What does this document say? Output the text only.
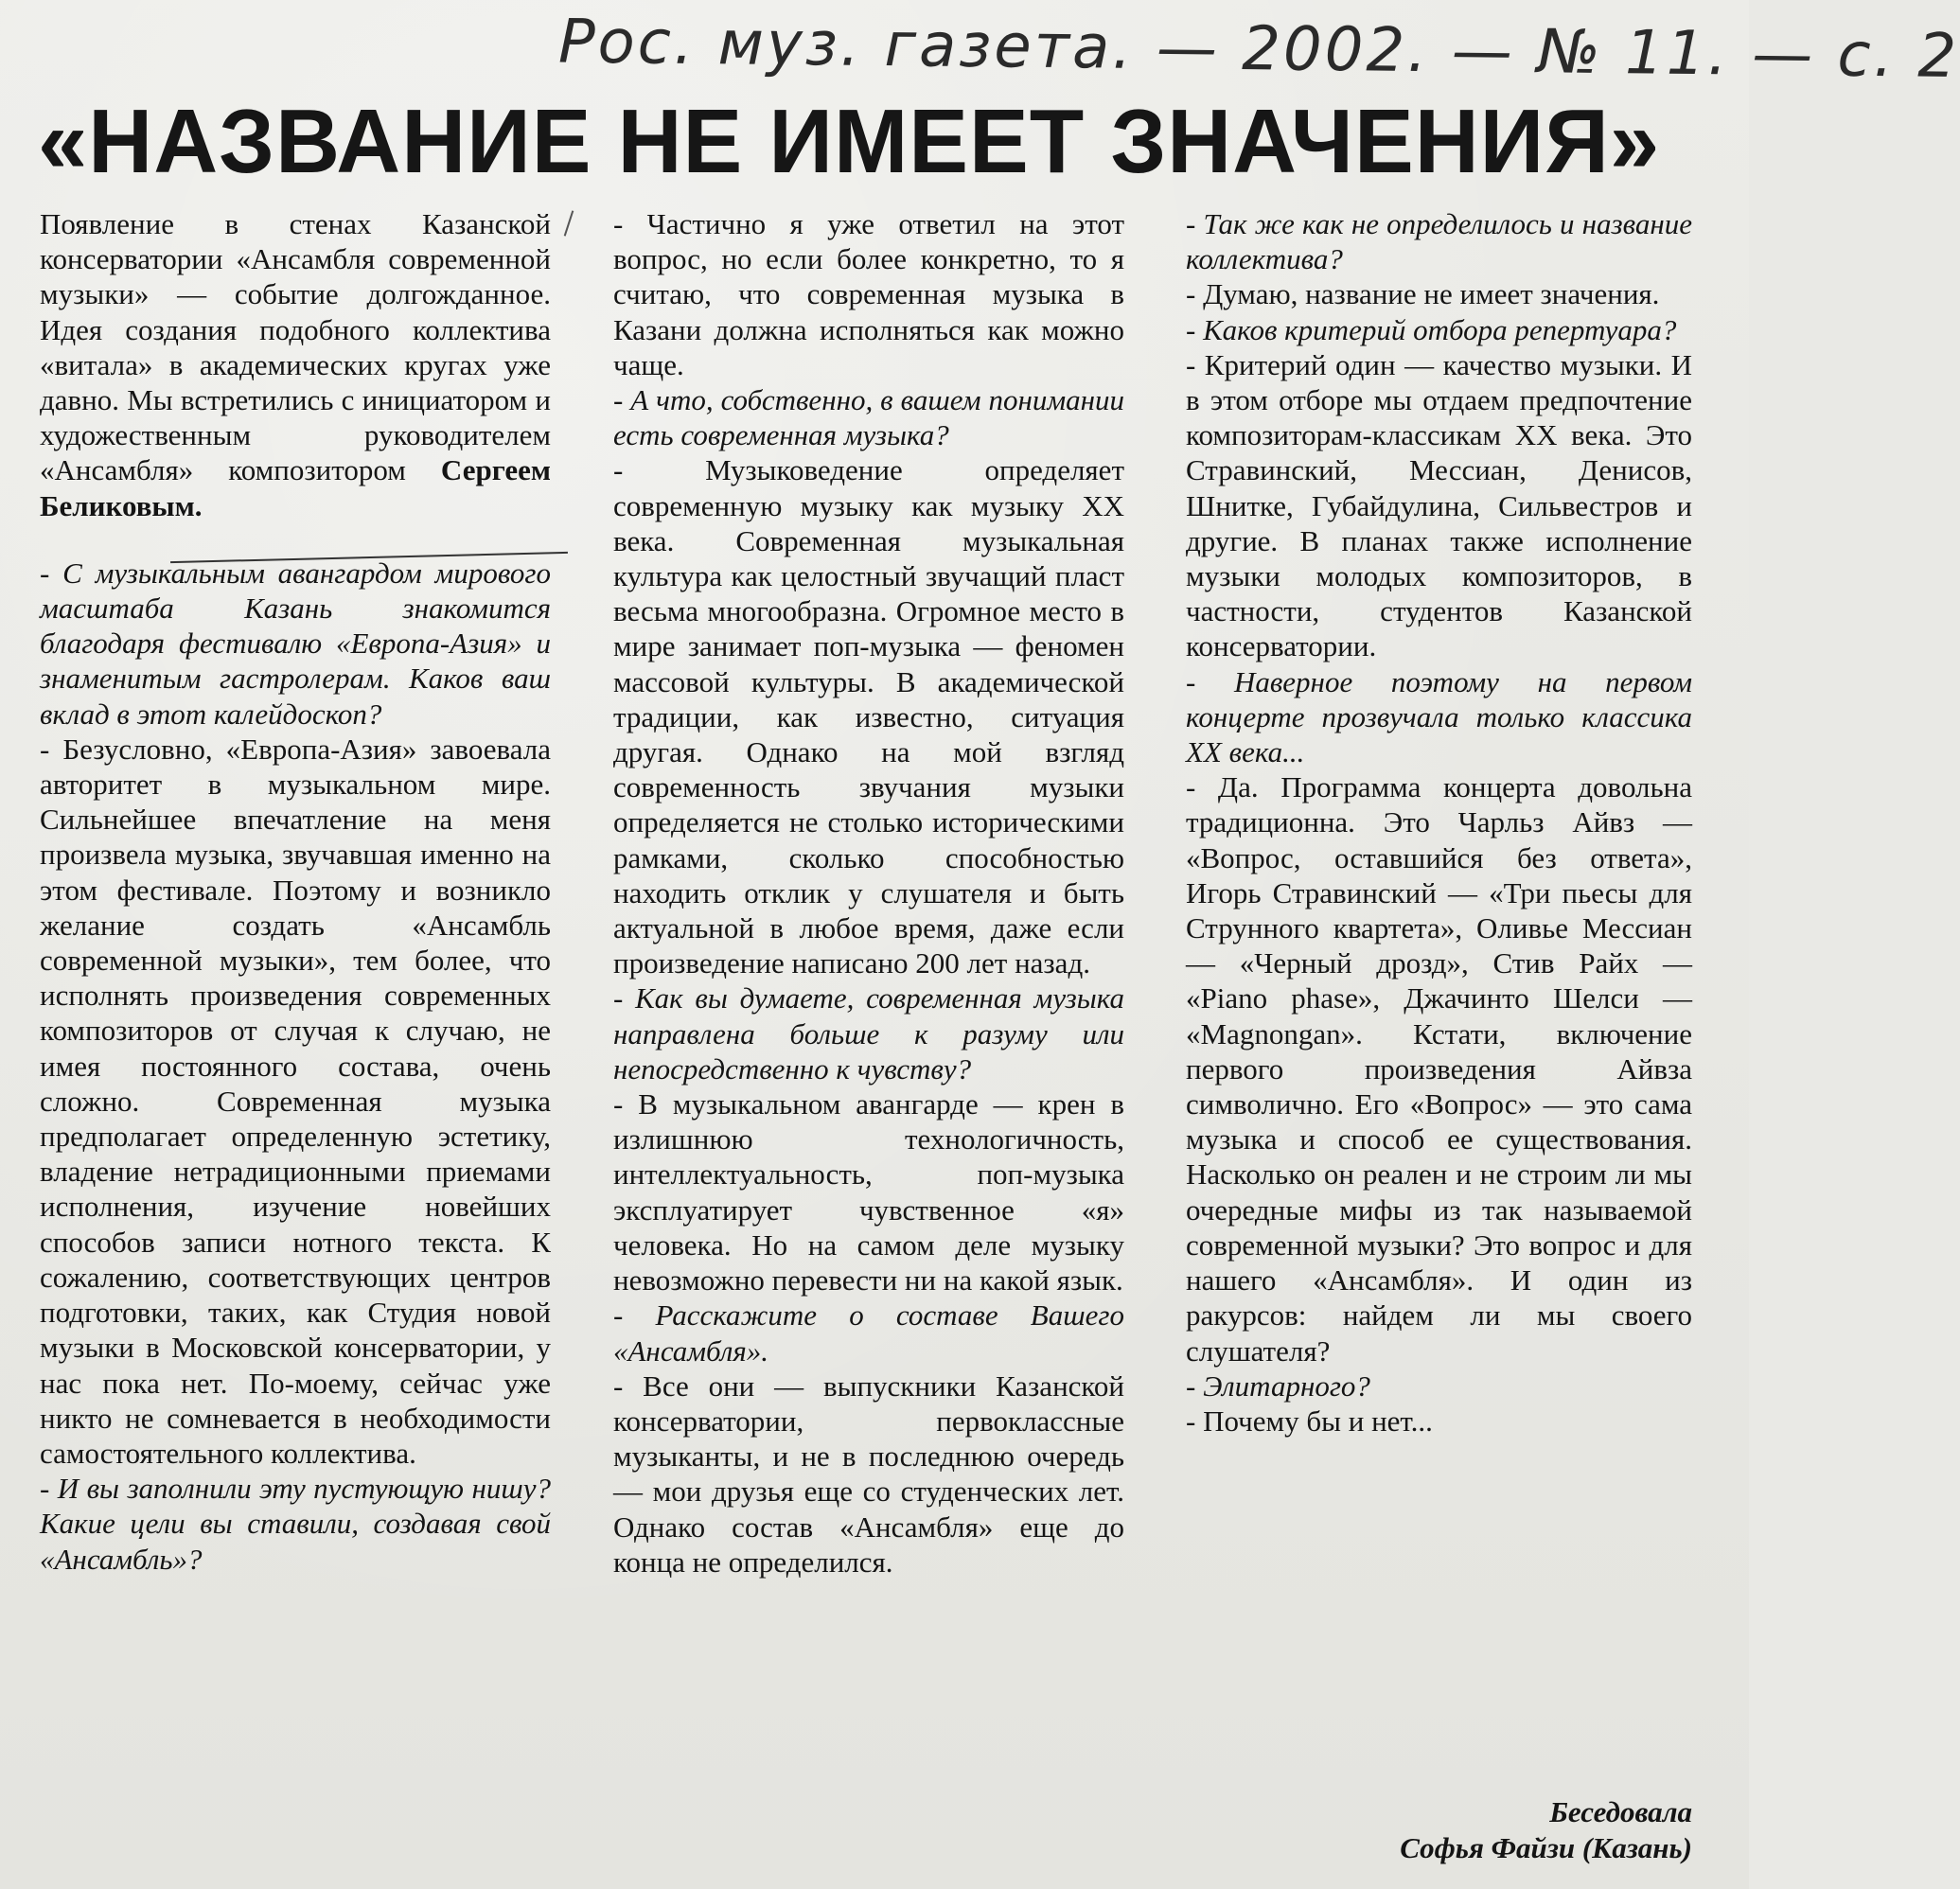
Рос. муз. газета. — 2002. — № 11. — с. 2
«НАЗВАНИЕ НЕ ИМЕЕТ ЗНАЧЕНИЯ»

Появление в стенах Казанской консерватории «Ансамбля современной музыки» — событие долгожданное. Идея создания подобного коллектива «витала» в академических кругах уже давно. Мы встретились с инициатором и художественным руководителем «Ансамбля» композитором Сергеем Беликовым.

- С музыкальным авангардом мирового масштаба Казань знакомится благодаря фестивалю «Европа-Азия» и знаменитым гастролерам. Каков ваш вклад в этот калейдоскоп?

- Безусловно, «Европа-Азия» завоевала авторитет в музыкальном мире. Сильнейшее впечатление на меня произвела музыка, звучавшая именно на этом фестивале. Поэтому и возникло желание создать «Ансамбль современной музыки», тем более, что исполнять произведения современных композиторов от случая к случаю, не имея постоянного состава, очень сложно. Современная музыка предполагает определенную эстетику, владение нетрадиционными приемами исполнения, изучение новейших способов записи нотного текста. К сожалению, соответствующих центров подготовки, таких, как Студия новой музыки в Московской консерватории, у нас пока нет. По-моему, сейчас уже никто не сомневается в необходимости самостоятельного коллектива.

- И вы заполнили эту пустующую нишу? Какие цели вы ставили, создавая свой «Ансамбль»?

- Частично я уже ответил на этот вопрос, но если более конкретно, то я считаю, что современная музыка в Казани должна исполняться как можно чаще.

- А что, собственно, в вашем понимании есть современная музыка?

- Музыковедение определяет современную музыку как музыку XX века. Современная музыкальная культура как целостный звучащий пласт весьма многообразна. Огромное место в мире занимает поп-музыка — феномен массовой культуры. В академической традиции, как известно, ситуация другая. Однако на мой взгляд современность звучания музыки определяется не столько историческими рамками, сколько способностью находить отклик у слушателя и быть актуальной в любое время, даже если произведение написано 200 лет назад.

- Как вы думаете, современная музыка направлена больше к разуму или непосредственно к чувству?

- В музыкальном авангарде — крен в излишнюю технологичность, интеллектуальность, поп-музыка эксплуатирует чувственное «я» человека. Но на самом деле музыку невозможно перевести ни на какой язык.

- Расскажите о составе Вашего «Ансамбля».

- Все они — выпускники Казанской консерватории, первоклассные музыканты, и не в последнюю очередь — мои друзья еще со студенческих лет. Однако состав «Ансамбля» еще до конца не определился.

- Так же как не определилось и название коллектива?

- Думаю, название не имеет значения.

- Каков критерий отбора репертуара?

- Критерий один — качество музыки. И в этом отборе мы отдаем предпочтение композиторам-классикам XX века. Это Стравинский, Мессиан, Денисов, Шнитке, Губайдулина, Сильвестров и другие. В планах также исполнение музыки молодых композиторов, в частности, студентов Казанской консерватории.

- Наверное поэтому на первом концерте прозвучала только классика XX века...

- Да. Программа концерта довольна традиционна. Это Чарльз Айвз — «Вопрос, оставшийся без ответа», Игорь Стравинский — «Три пьесы для Струнного квартета», Оливье Мессиан — «Черный дрозд», Стив Райх — «Piano phase», Джачинто Шелси — «Magnongan». Кстати, включение первого произведения Айвза символично. Его «Вопрос» — это сама музыка и способ ее существования. Насколько он реален и не строим ли мы очередные мифы из так называемой современной музыки? Это вопрос и для нашего «Ансамбля». И один из ракурсов: найдем ли мы своего слушателя?

- Элитарного?

- Почему бы и нет...

Беседовала
Софья Файзи (Казань)
